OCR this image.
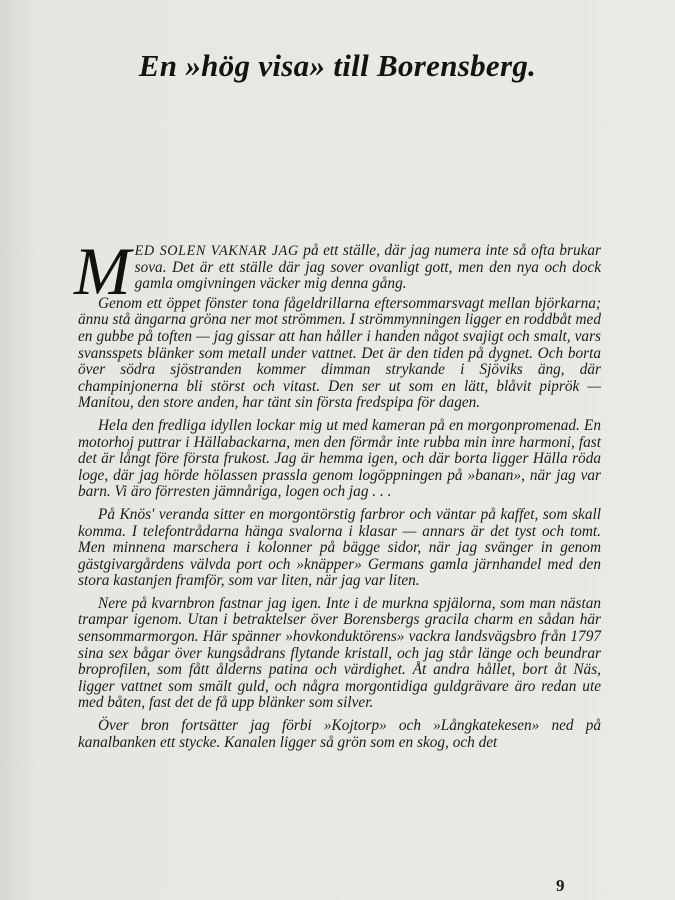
En »hög visa» till Borensberg.

MED SOLEN VAKNAR JAG på ett ställe, där jag numera inte så ofta brukar sova. Det är ett ställe där jag sover ovanligt gott, men den nya och dock gamla omgivningen väcker mig denna gång.

Genom ett öppet fönster tona fågeldrillarna eftersommarsvagt mellan björkarna; ännu stå ängarna gröna ner mot strömmen. I strömmynningen ligger en roddbåt med en gubbe på toften — jag gissar att han håller i handen något svajigt och smalt, vars svansspets blänker som metall under vattnet. Det är den tiden på dygnet. Och borta över södra sjöstranden kommer dimman strykande i Sjöviks äng, där champinjonerna bli störst och vitast. Den ser ut som en lätt, blåvit piprök — Manitou, den store anden, har tänt sin första fredspipa för dagen.

Hela den fredliga idyllen lockar mig ut med kameran på en morgonpromenad. En motorhoj puttrar i Hällabackarna, men den förmår inte rubba min inre harmoni, fast det är långt före första frukost. Jag är hemma igen, och där borta ligger Hälla röda loge, där jag hörde hölassen prassla genom logöppningen på »banan», när jag var barn. Vi äro förresten jämnåriga, logen och jag . . .

På Knös' veranda sitter en morgontörstig farbror och väntar på kaffet, som skall komma. I telefontrådarna hänga svalorna i klasar — annars är det tyst och tomt. Men minnena marschera i kolonner på bägge sidor, när jag svänger in genom gästgivargårdens välvda port och »knäpper» Germans gamla järnhandel med den stora kastanjen framför, som var liten, när jag var liten.

Nere på kvarnbron fastnar jag igen. Inte i de murkna spjälorna, som man nästan trampar igenom. Utan i betraktelser över Borensbergs gracila charm en sådan här sensommarmorgon. Här spänner »hovkonduktörens» vackra landsvägsbro från 1797 sina sex bågar över kungsådrans flytande kristall, och jag står länge och beundrar broprofilen, som fått ålderns patina och värdighet. Åt andra hållet, bort åt Näs, ligger vattnet som smält guld, och några morgontidiga guldgrävare äro redan ute med båten, fast det de få upp blänker som silver.

Över bron fortsätter jag förbi »Kojtorp» och »Långkatekesen» ned på kanalbanken ett stycke. Kanalen ligger så grön som en skog, och det

9
